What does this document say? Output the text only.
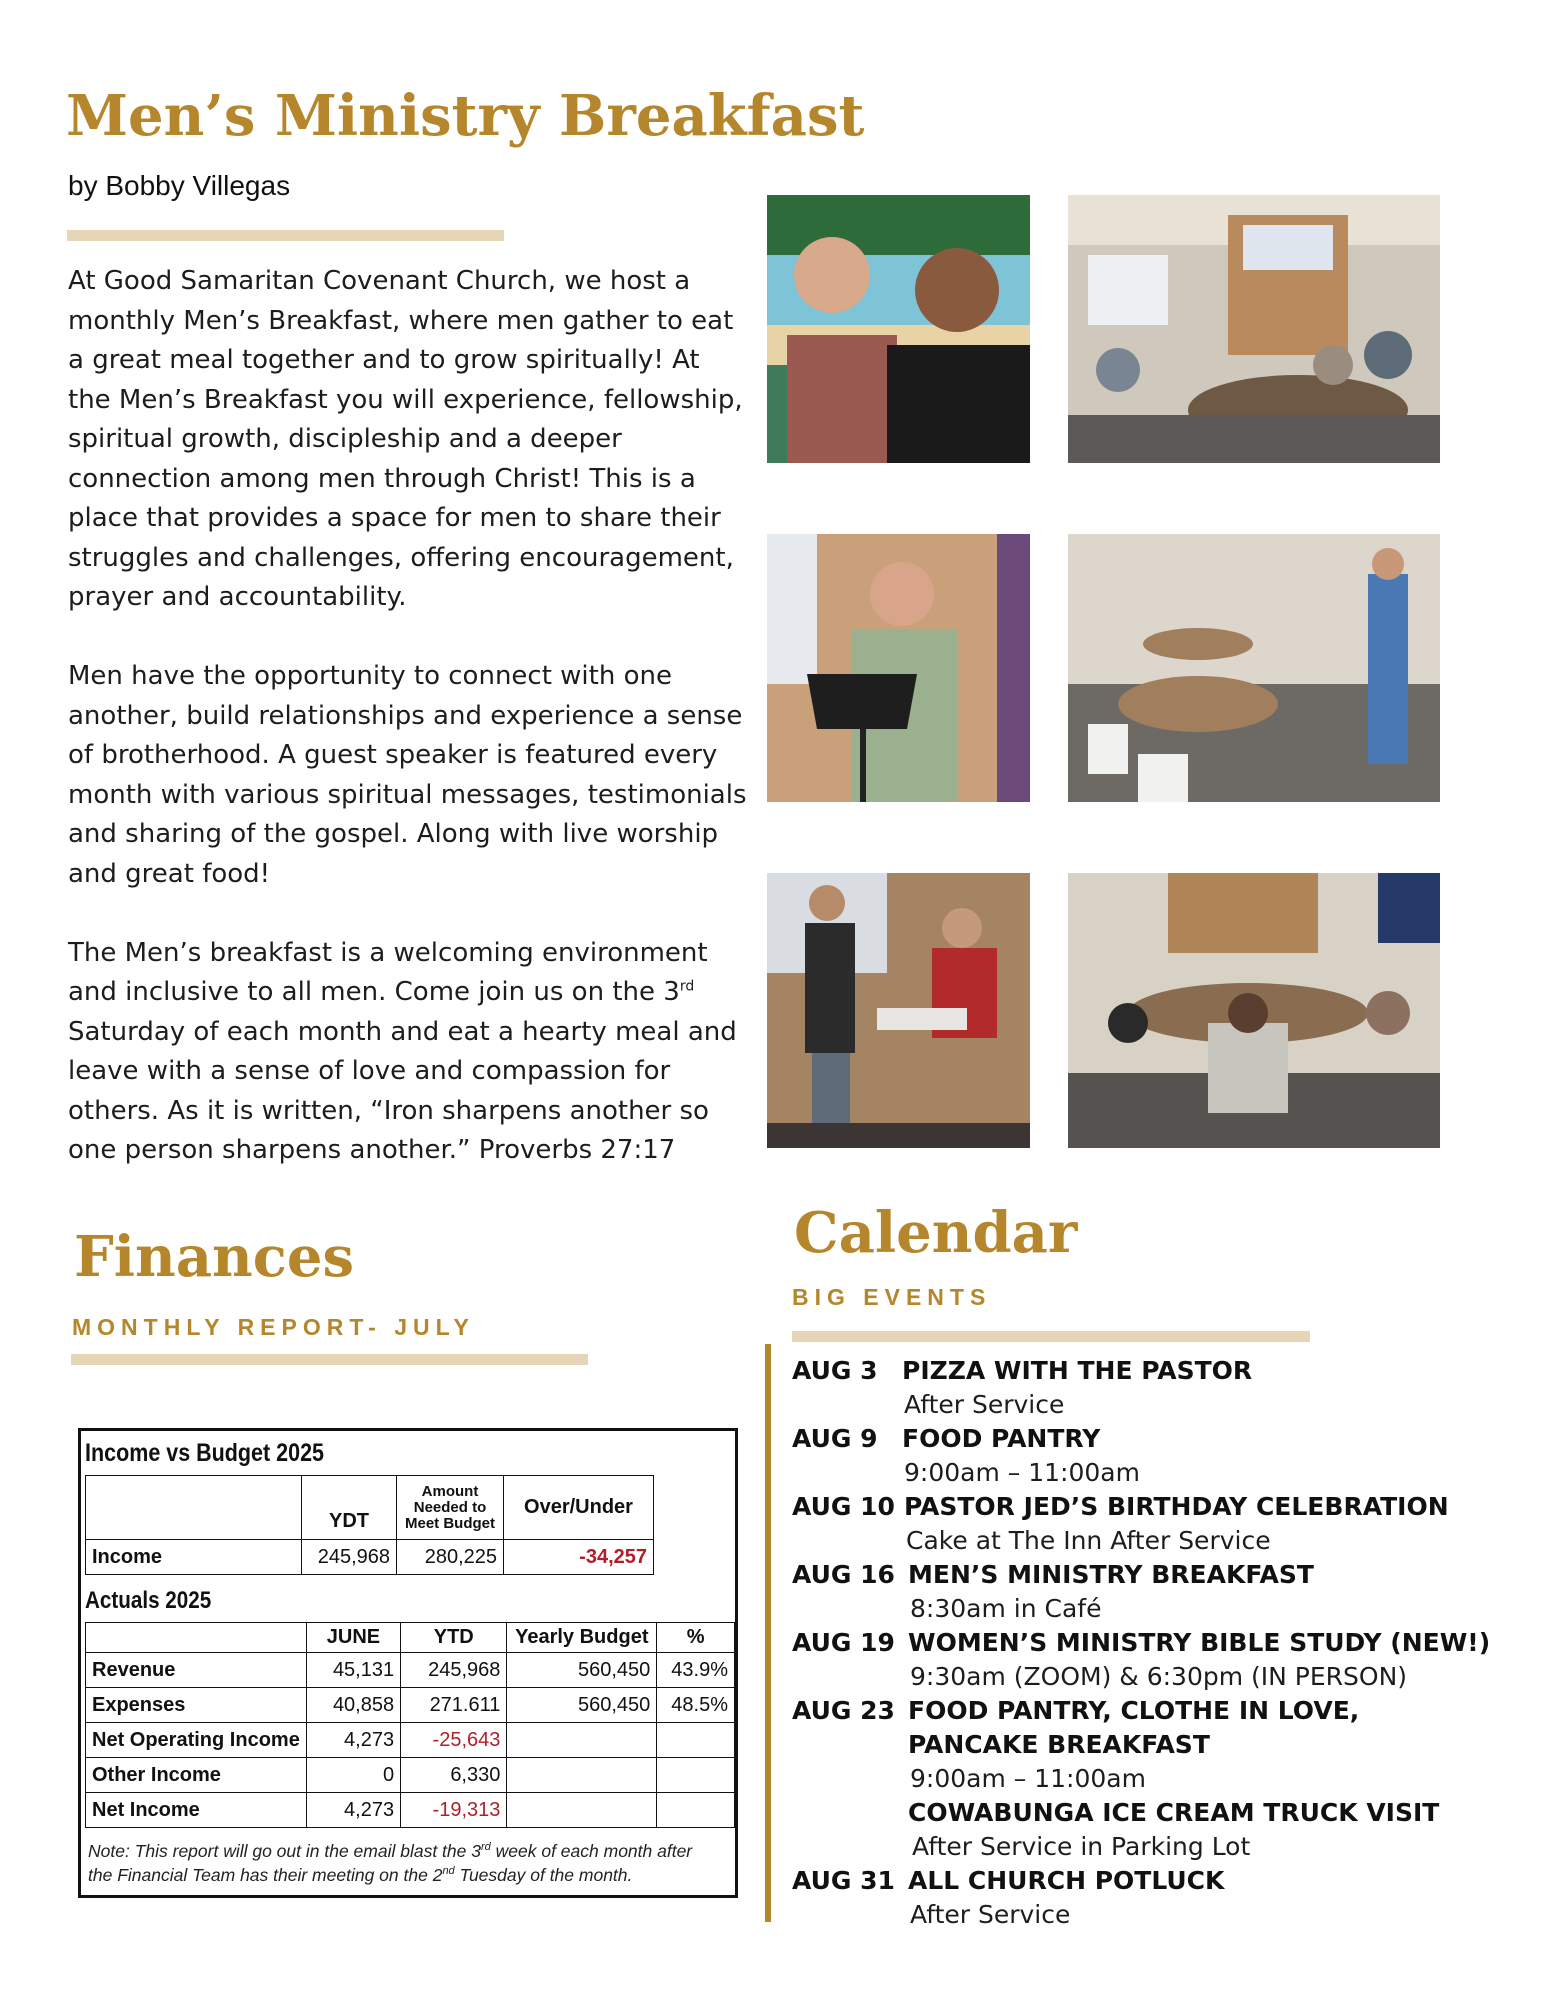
Men’s Ministry Breakfast
by Bobby Villegas

At Good Samaritan Covenant Church, we host a monthly Men’s Breakfast, where men gather to eat a great meal together and to grow spiritually! At the Men’s Breakfast you will experience, fellowship, spiritual growth, discipleship and a deeper connection among men through Christ! This is a place that provides a space for men to share their struggles and challenges, offering encouragement, prayer and accountability.

Men have the opportunity to connect with one another, build relationships and experience a sense of brotherhood. A guest speaker is featured every month with various spiritual messages, testimonials and sharing of the gospel. Along with live worship and great food!

The Men’s breakfast is a welcoming environment and inclusive to all men. Come join us on the 3rd Saturday of each month and eat a hearty meal and leave with a sense of love and compassion for others. As it is written, “Iron sharpens another so one person sharpens another.” Proverbs 27:17

Finances
MONTHLY REPORT- JULY
Income vs Budget 2025
	YDT	Amount Needed to Meet Budget	Over/Under
Income	245,968	280,225	-34,257
Actuals 2025
	JUNE	YTD	Yearly Budget	%
Revenue	45,131	245,968	560,450	43.9%
Expenses	40,858	271.611	560,450	48.5%
Net Operating Income	4,273	-25,643		
Other Income	0	6,330		
Net Income	4,273	-19,313		
Note: This report will go out in the email blast the 3rd week of each month after the Financial Team has their meeting on the 2nd Tuesday of the month.
Calendar
BIG EVENTS
AUG 3 PIZZA WITH THE PASTOR
After Service
AUG 9 FOOD PANTRY
9:00am – 11:00am
AUG 10 PASTOR JED’S BIRTHDAY CELEBRATION
Cake at The Inn After Service
AUG 16 MEN’S MINISTRY BREAKFAST
8:30am in Café
AUG 19 WOMEN’S MINISTRY BIBLE STUDY (NEW!)
9:30am (ZOOM) & 6:30pm (IN PERSON)
AUG 23 FOOD PANTRY, CLOTHE IN LOVE,
PANCAKE BREAKFAST
9:00am – 11:00am
COWABUNGA ICE CREAM TRUCK VISIT
After Service in Parking Lot
AUG 31 ALL CHURCH POTLUCK
After Service
